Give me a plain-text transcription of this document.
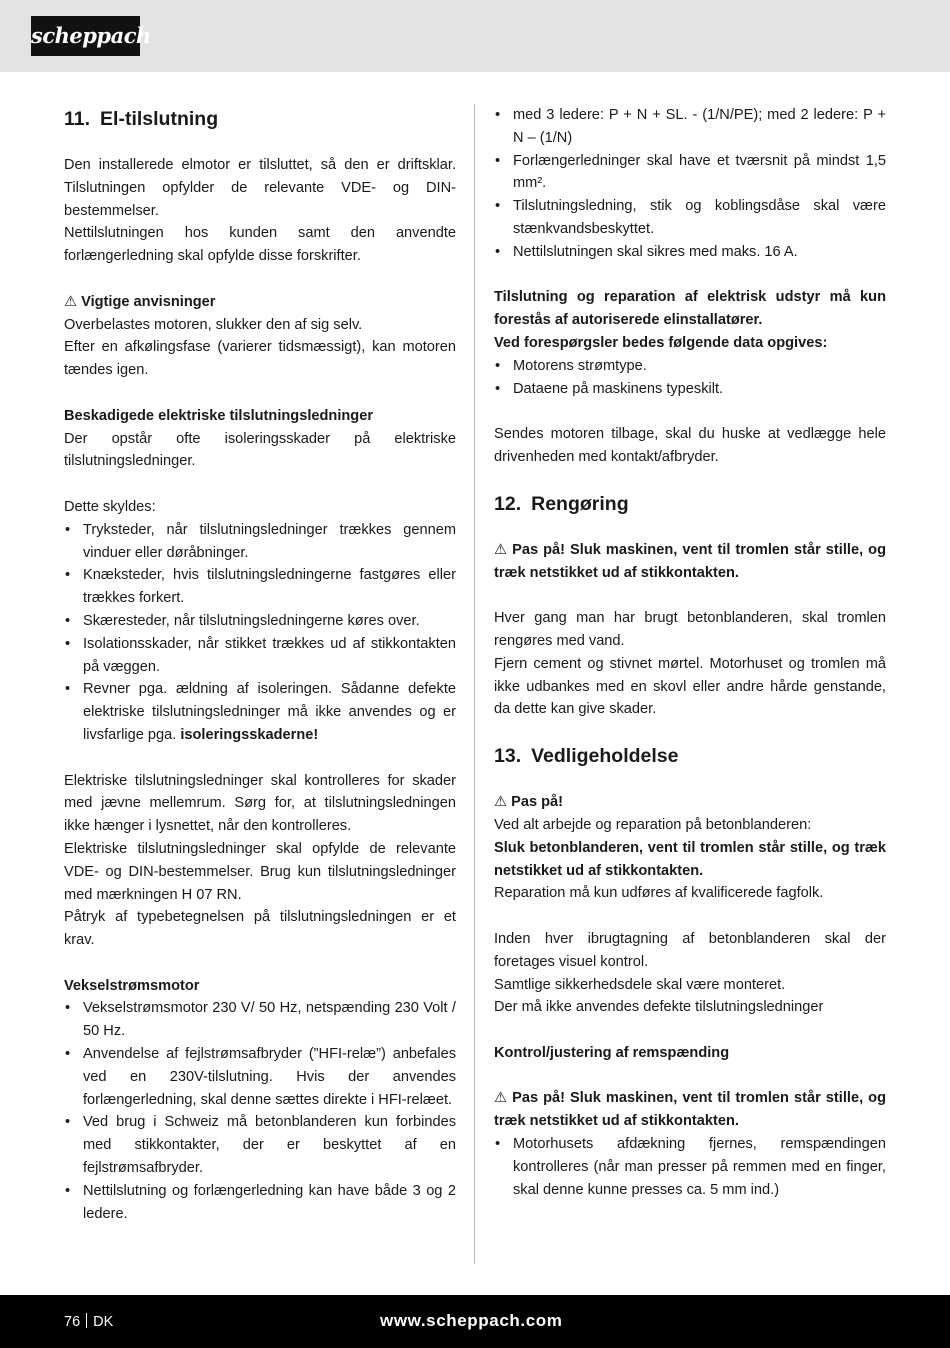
scheppach
11. El-tilslutning

Den installerede elmotor er tilsluttet, så den er driftsklar. Tilslutningen opfylder de relevante VDE- og DIN-bestemmelser.

Nettilslutningen hos kunden samt den anvendte forlængerledning skal opfylde disse forskrifter.

⚠ Vigtige anvisninger

Overbelastes motoren, slukker den af sig selv.

Efter en afkølingsfase (varierer tidsmæssigt), kan motoren tændes igen.

Beskadigede elektriske tilslutningsledninger

Der opstår ofte isoleringsskader på elektriske tilslutningsledninger.

Dette skyldes:

• Tryksteder, når tilslutningsledninger trækkes gennem vinduer eller døråbninger.
• Knæksteder, hvis tilslutningsledningerne fastgøres eller trækkes forkert.
• Skæresteder, når tilslutningsledningerne køres over.
• Isolationsskader, når stikket trækkes ud af stikkontakten på væggen.
• Revner pga. ældning af isoleringen. Sådanne defekte elektriske tilslutningsledninger må ikke anvendes og er livsfarlige pga. isoleringsskaderne!

Elektriske tilslutningsledninger skal kontrolleres for skader med jævne mellemrum. Sørg for, at tilslutningsledningen ikke hænger i lysnettet, når den kontrolleres.

Elektriske tilslutningsledninger skal opfylde de relevante VDE- og DIN-bestemmelser. Brug kun tilslutningsledninger med mærkningen H 07 RN.

Påtryk af typebetegnelsen på tilslutningsledningen er et krav.

Vekselstrømsmotor

• Vekselstrømsmotor 230 V/ 50 Hz, netspænding 230 Volt / 50 Hz.
• Anvendelse af fejlstrømsafbryder (”HFI-relæ”) anbefales ved en 230V-tilslutning. Hvis der anvendes forlængerledning, skal denne sættes direkte i HFI-relæet.
• Ved brug i Schweiz må betonblanderen kun forbindes med stikkontakter, der er beskyttet af en fejlstrømsafbryder.
• Nettilslutning og forlængerledning kan have både 3 og 2 ledere.
• med 3 ledere: P + N + SL. - (1/N/PE); med 2 ledere: P + N – (1/N)
• Forlængerledninger skal have et tværsnit på mindst 1,5 mm².
• Tilslutningsledning, stik og koblingsdåse skal være stænkvandsbeskyttet.
• Nettilslutningen skal sikres med maks. 16 A.

Tilslutning og reparation af elektrisk udstyr må kun forestås af autoriserede elinstallatører.

Ved forespørgsler bedes følgende data opgives:

• Motorens strømtype.
• Dataene på maskinens typeskilt.

Sendes motoren tilbage, skal du huske at vedlægge hele drivenheden med kontakt/afbryder.

12. Rengøring

⚠ Pas på! Sluk maskinen, vent til tromlen står stille, og træk netstikket ud af stikkontakten.

Hver gang man har brugt betonblanderen, skal tromlen rengøres med vand.

Fjern cement og stivnet mørtel. Motorhuset og tromlen må ikke udbankes med en skovl eller andre hårde genstande, da dette kan give skader.

13. Vedligeholdelse

⚠ Pas på!

Ved alt arbejde og reparation på betonblanderen:

Sluk betonblanderen, vent til tromlen står stille, og træk netstikket ud af stikkontakten.

Reparation må kun udføres af kvalificerede fagfolk.

Inden hver ibrugtagning af betonblanderen skal der foretages visuel kontrol.

Samtlige sikkerhedsdele skal være monteret.

Der må ikke anvendes defekte tilslutningsledninger

Kontrol/justering af remspænding

⚠ Pas på! Sluk maskinen, vent til tromlen står stille, og træk netstikket ud af stikkontakten.

• Motorhusets afdækning fjernes, remspændingen kontrolleres (når man presser på remmen med en finger, skal denne kunne presses ca. 5 mm ind.)
76 DK	www.scheppach.com
